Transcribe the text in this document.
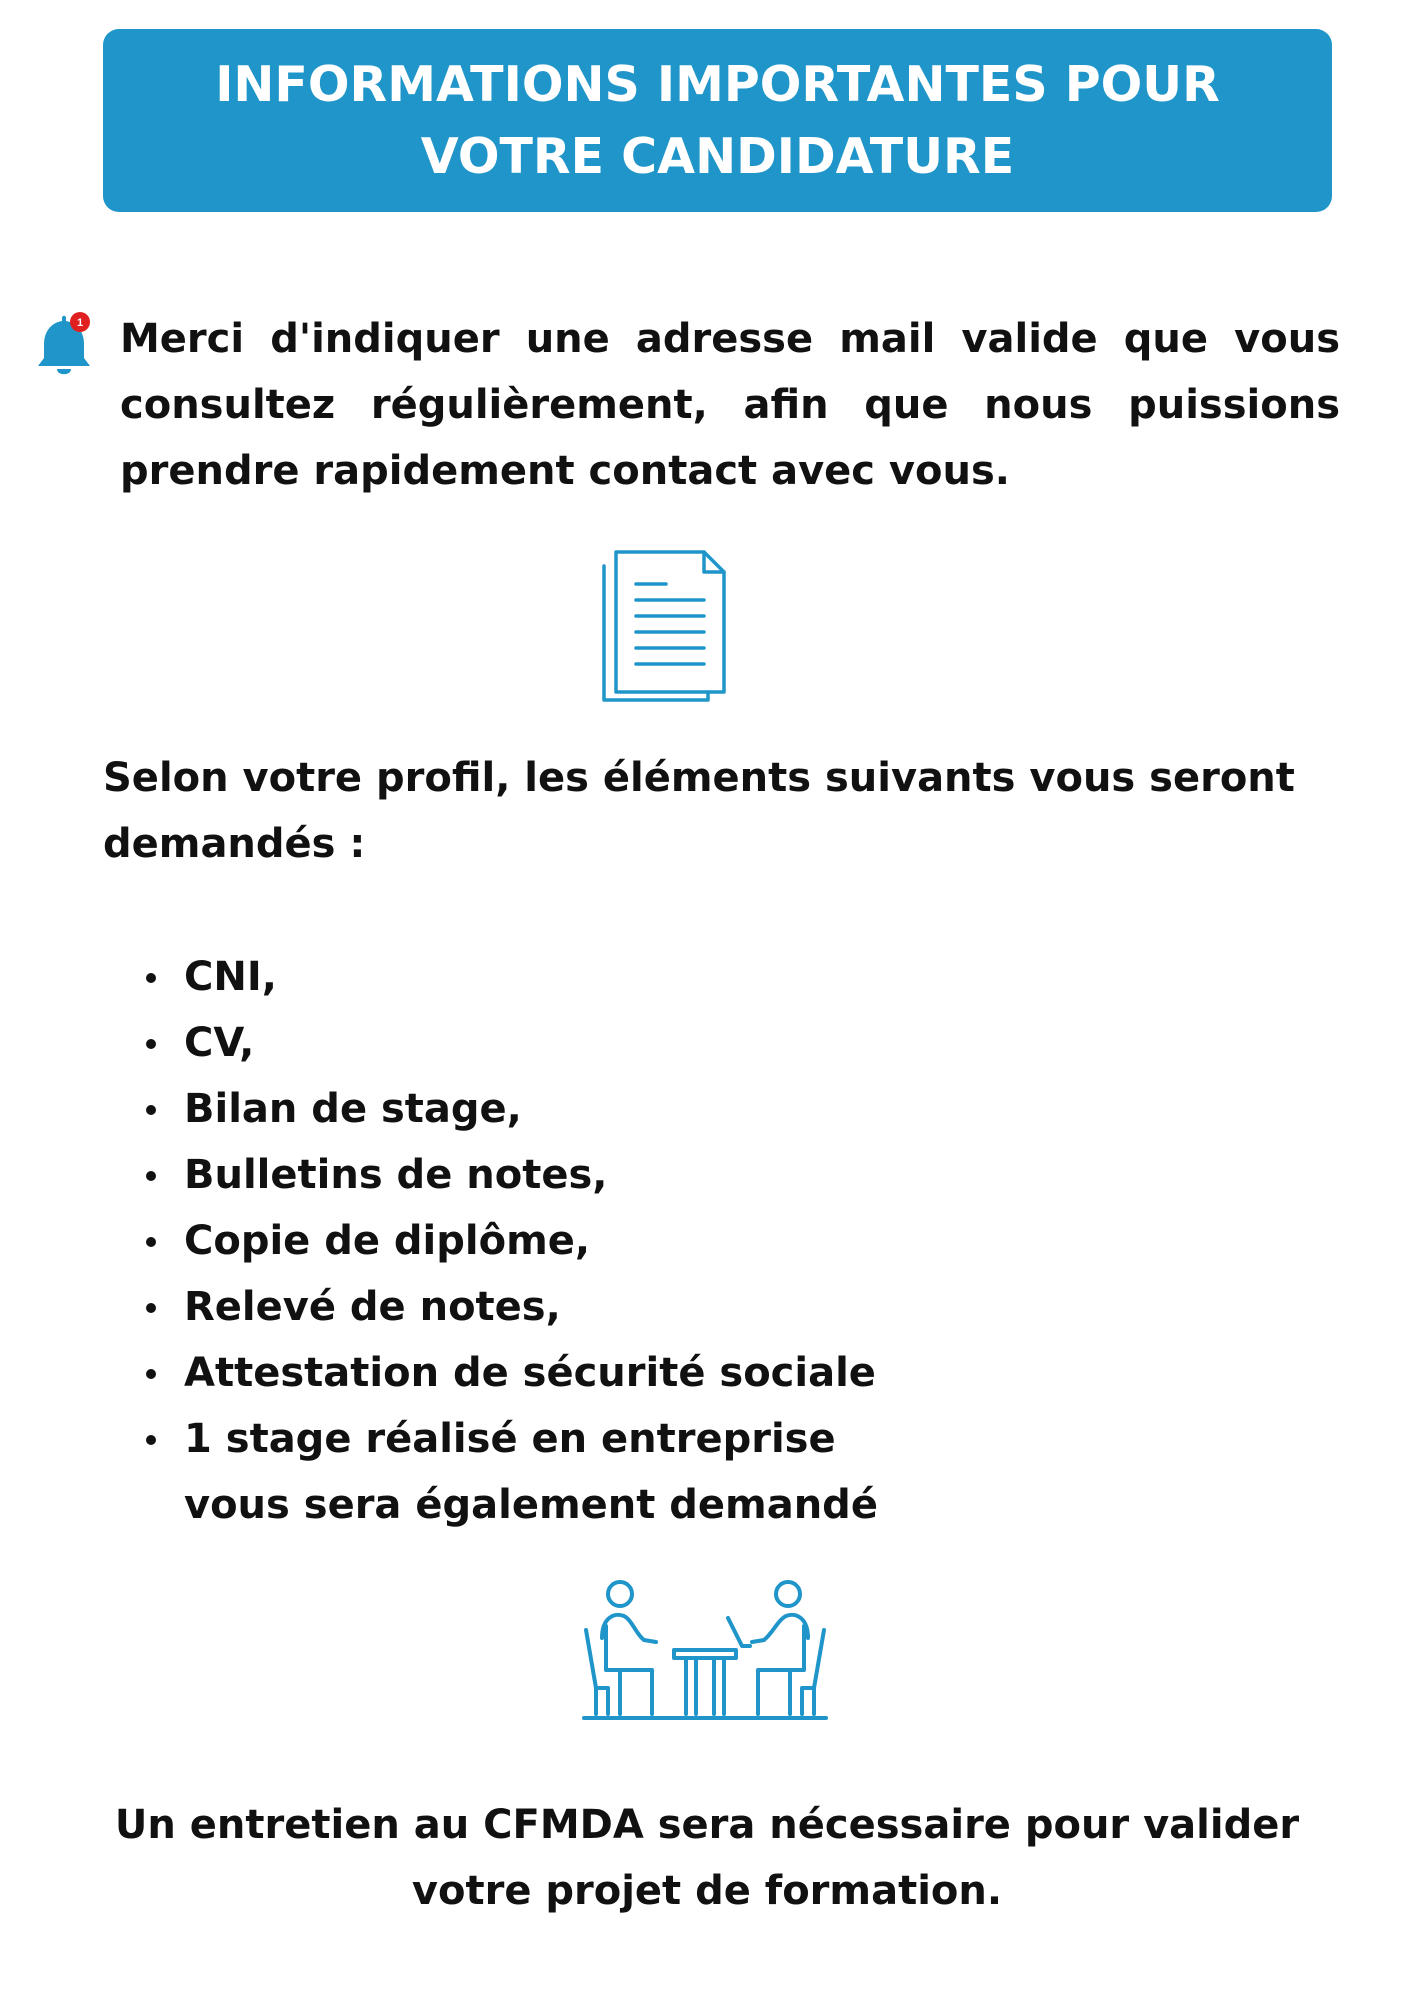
INFORMATIONS IMPORTANTES POUR VOTRE CANDIDATURE
1 Merci d'indiquer une adresse mail valide que vous consultez régulièrement, afin que nous puissions prendre rapidement contact avec vous.

Selon votre profil, les éléments suivants vous seront demandés :

CNI,
CV,
Bilan de stage,
Bulletins de notes,
Copie de diplôme,
Relevé de notes,
Attestation de sécurité sociale
1 stage réalisé en entreprise vous sera également demandé

Un entretien au CFMDA sera nécessaire pour valider votre projet de formation.
